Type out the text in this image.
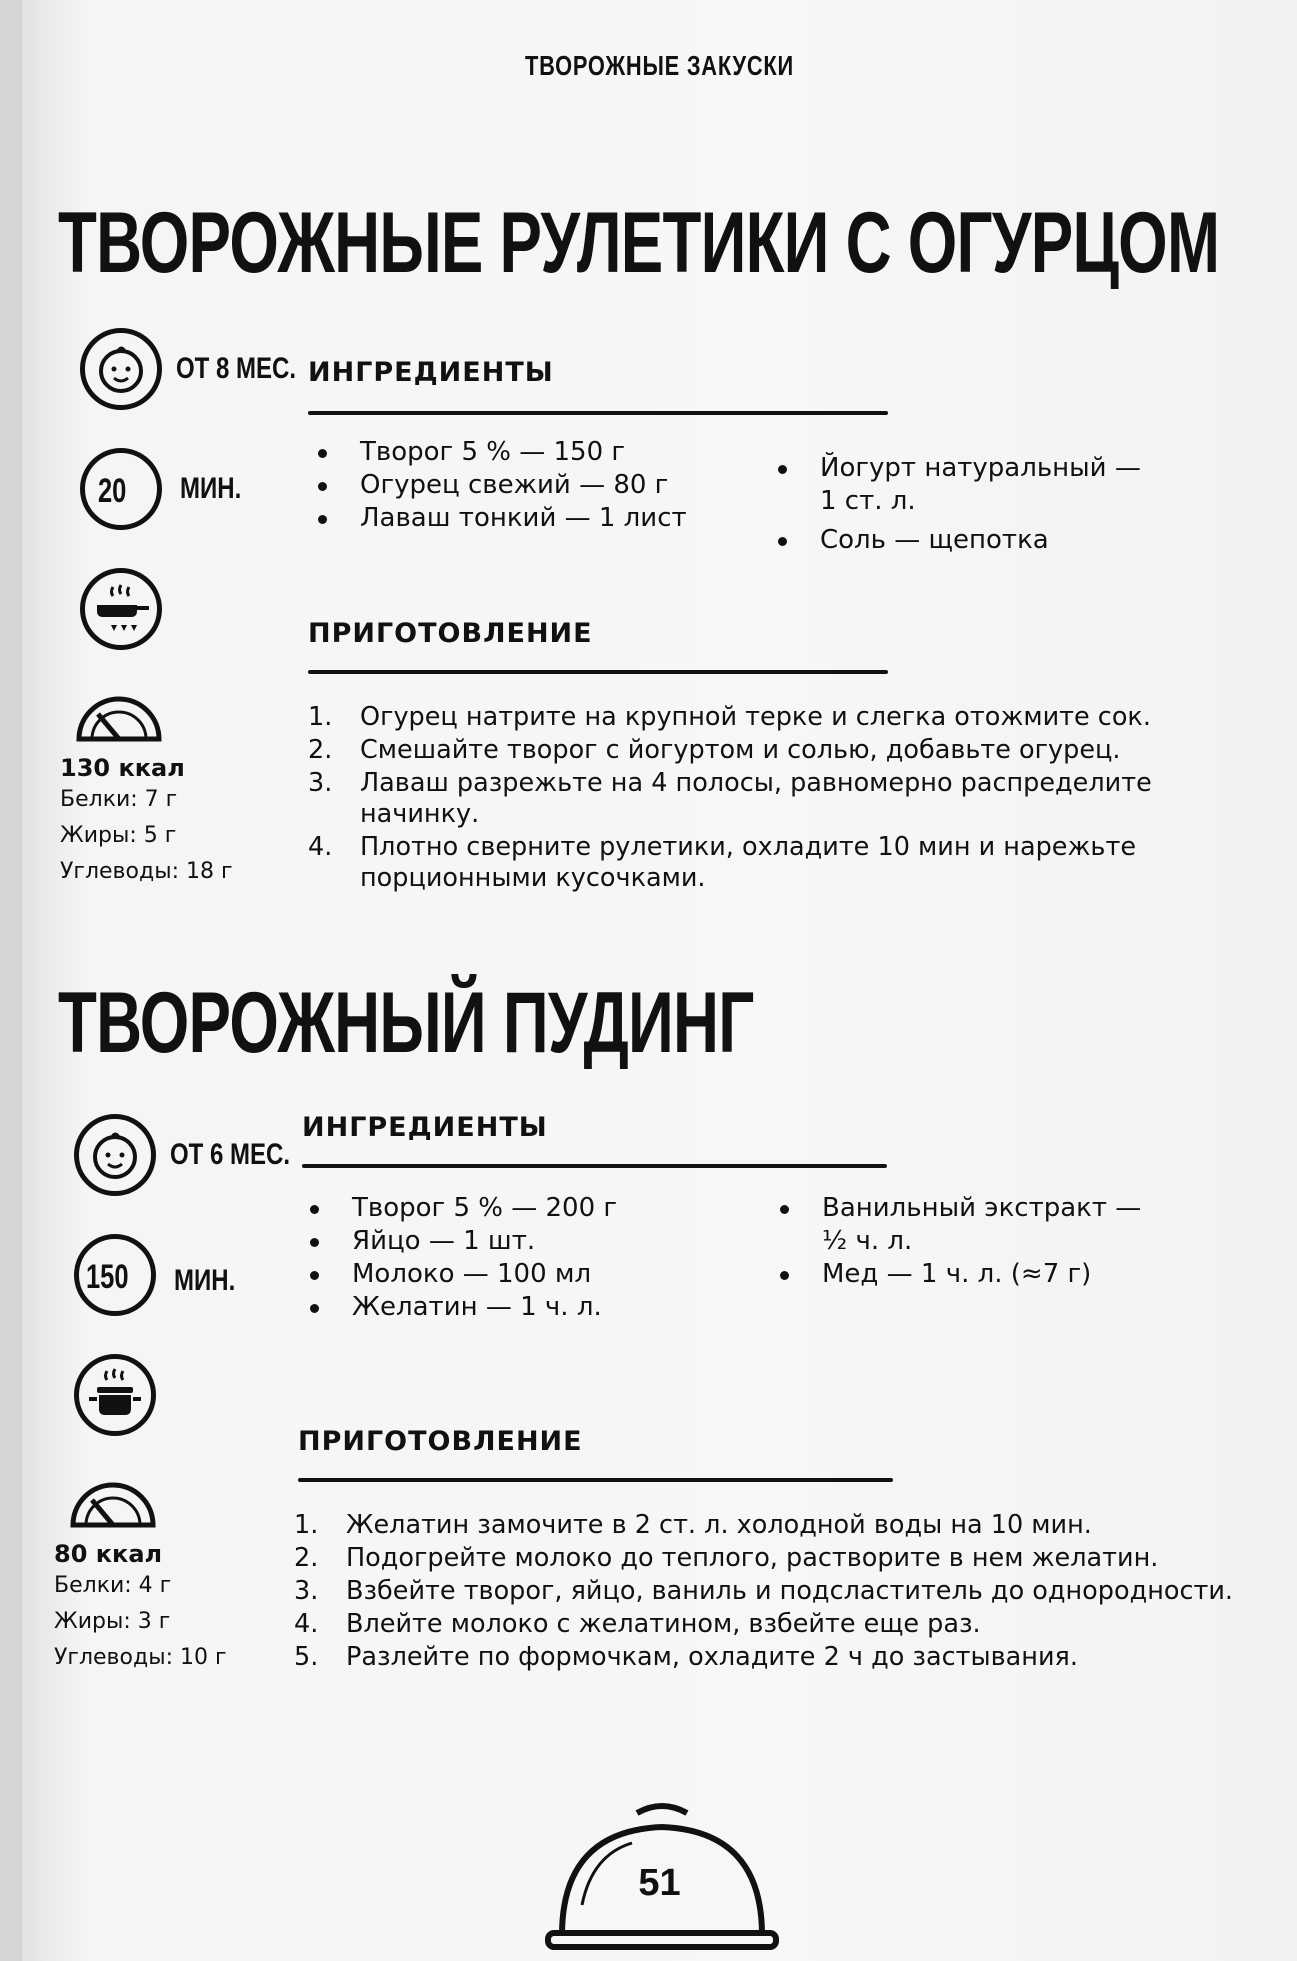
ТВОРОЖНЫЕ ЗАКУСКИ
ТВОРОЖНЫЕ РУЛЕТИКИ С ОГУРЦОМ
ОТ 8 МЕС.
20 МИН.
130 ккал
Белки: 7 г
Жиры: 5 г
Углеводы: 18 г
ИНГРЕДИЕНТЫ
Творог 5 % — 150 г
Огурец свежий — 80 г
Лаваш тонкий — 1 лист
Йогурт натуральный — 1 ст. л.
Соль — щепотка
ПРИГОТОВЛЕНИЕ
1. Огурец натрите на крупной терке и слегка отожмите сок.
2. Смешайте творог с йогуртом и солью, добавьте огурец.
3. Лаваш разрежьте на 4 полосы, равномерно распределите начинку.
4. Плотно сверните рулетики, охладите 10 мин и нарежьте порционными кусочками.
ТВОРОЖНЫЙ ПУДИНГ
ОТ 6 МЕС.
150 МИН.
80 ккал
Белки: 4 г
Жиры: 3 г
Углеводы: 10 г
ИНГРЕДИЕНТЫ
Творог 5 % — 200 г
Яйцо — 1 шт.
Молоко — 100 мл
Желатин — 1 ч. л.
Ванильный экстракт — ½ ч. л.
Мед — 1 ч. л. (≈7 г)
ПРИГОТОВЛЕНИЕ
1. Желатин замочите в 2 ст. л. холодной воды на 10 мин.
2. Подогрейте молоко до теплого, растворите в нем желатин.
3. Взбейте творог, яйцо, ваниль и подсластитель до однородности.
4. Влейте молоко с желатином, взбейте еще раз.
5. Разлейте по формочкам, охладите 2 ч до застывания.
51
